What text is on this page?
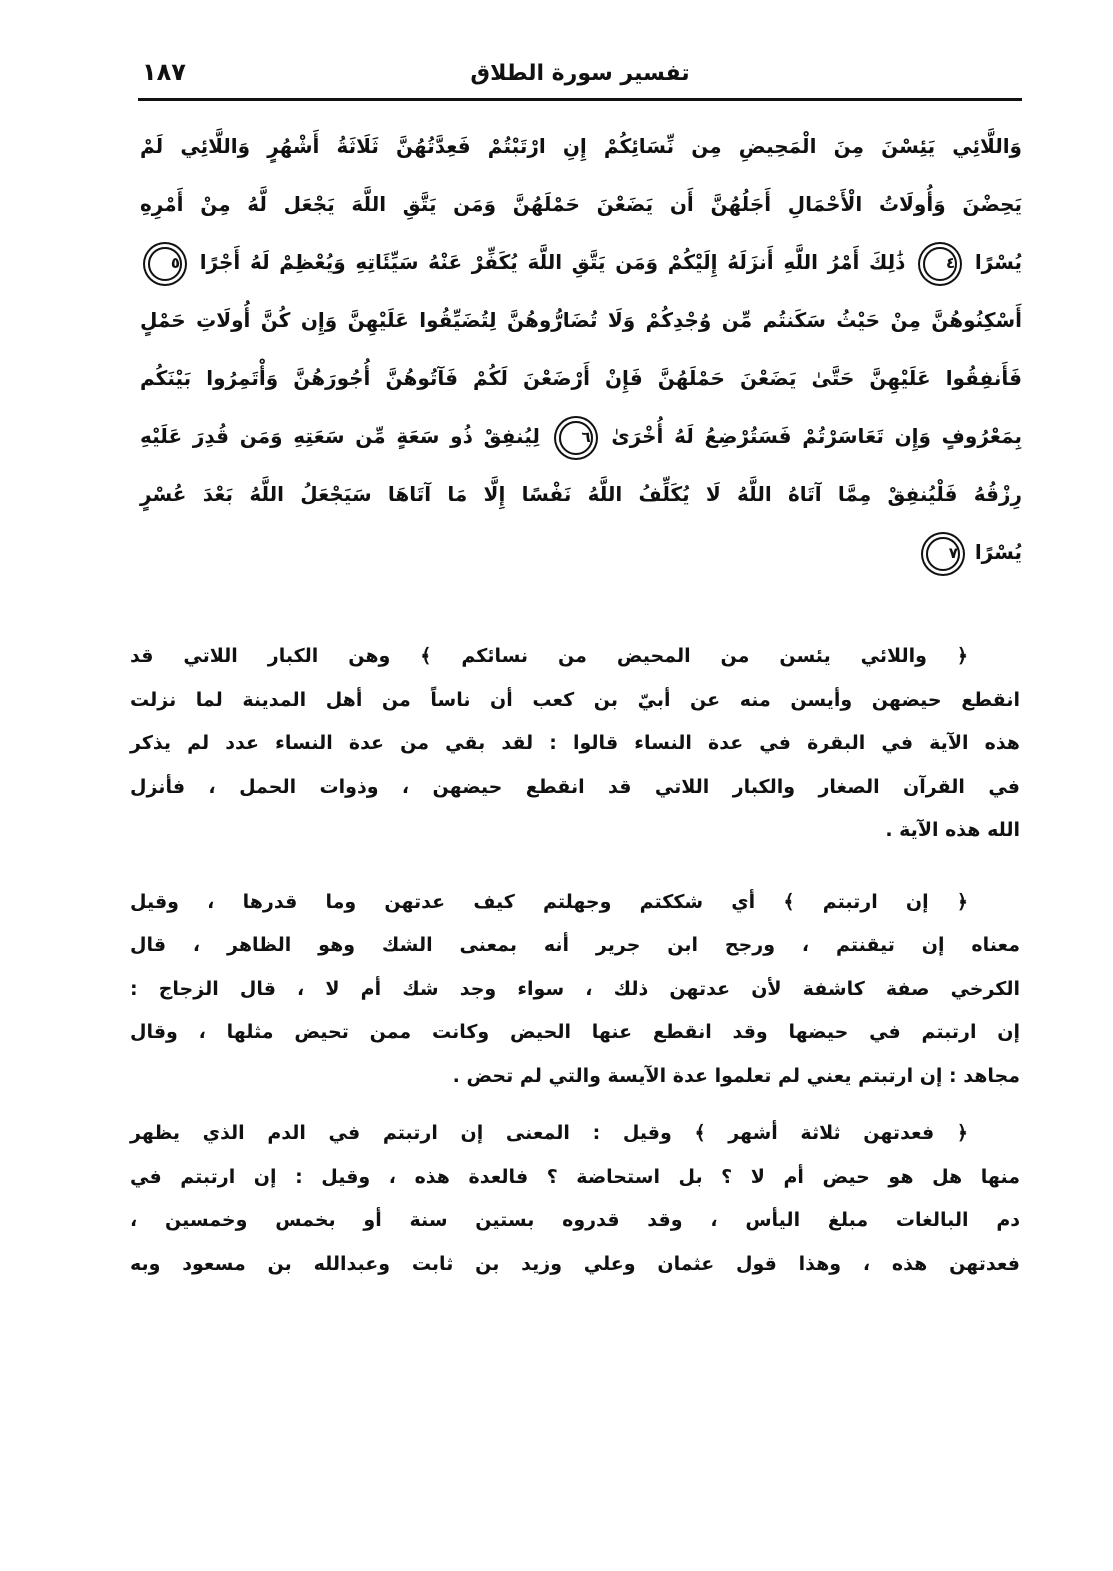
١٨٧	تفسير سورة الطلاق
وَاللَّائِي يَئِسْنَ مِنَ الْمَحِيضِ مِن نِّسَائِكُمْ إِنِ ارْتَبْتُمْ فَعِدَّتُهُنَّ ثَلَاثَةُ أَشْهُرٍ وَاللَّائِي لَمْ
يَحِضْنَ وَأُولَاتُ الْأَحْمَالِ أَجَلُهُنَّ أَن يَضَعْنَ حَمْلَهُنَّ وَمَن يَتَّقِ اللَّهَ يَجْعَل لَّهُ مِنْ أَمْرِهِ
يُسْرًا ٤ ذَٰلِكَ أَمْرُ اللَّهِ أَنزَلَهُ إِلَيْكُمْ وَمَن يَتَّقِ اللَّهَ يُكَفِّرْ عَنْهُ سَيِّئَاتِهِ وَيُعْظِمْ لَهُ أَجْرًا ٥
أَسْكِنُوهُنَّ مِنْ حَيْثُ سَكَنتُم مِّن وُجْدِكُمْ وَلَا تُضَارُّوهُنَّ لِتُضَيِّقُوا عَلَيْهِنَّ وَإِن كُنَّ أُولَاتِ حَمْلٍ
فَأَنفِقُوا عَلَيْهِنَّ حَتَّىٰ يَضَعْنَ حَمْلَهُنَّ فَإِنْ أَرْضَعْنَ لَكُمْ فَآتُوهُنَّ أُجُورَهُنَّ وَأْتَمِرُوا بَيْنَكُم
بِمَعْرُوفٍ وَإِن تَعَاسَرْتُمْ فَسَتُرْضِعُ لَهُ أُخْرَىٰ ٦ لِيُنفِقْ ذُو سَعَةٍ مِّن سَعَتِهِ وَمَن قُدِرَ عَلَيْهِ
رِزْقُهُ فَلْيُنفِقْ مِمَّا آتَاهُ اللَّهُ لَا يُكَلِّفُ اللَّهُ نَفْسًا إِلَّا مَا آتَاهَا سَيَجْعَلُ اللَّهُ بَعْدَ عُسْرٍ
يُسْرًا ٧
﴿ واللائي يئسن من المحيض من نسائكم ﴾ وهن الكبار اللاتي قد
انقطع حيضهن وأيسن منه عن أبيّ بن كعب أن ناساً من أهل المدينة لما نزلت
هذه الآية في البقرة في عدة النساء قالوا : لقد بقي من عدة النساء عدد لم يذكر
في القرآن الصغار والكبار اللاتي قد انقطع حيضهن ، وذوات الحمل ، فأنزل
الله هذه الآية .
﴿ إن ارتبتم ﴾ أي شككتم وجهلتم كيف عدتهن وما قدرها ، وقيل
معناه إن تيقنتم ، ورجح ابن جرير أنه بمعنى الشك وهو الظاهر ، قال
الكرخي صفة كاشفة لأن عدتهن ذلك ، سواء وجد شك أم لا ، قال الزجاج :
إن ارتبتم في حيضها وقد انقطع عنها الحيض وكانت ممن تحيض مثلها ، وقال
مجاهد : إن ارتبتم يعني لم تعلموا عدة الآيسة والتي لم تحض .
﴿ فعدتهن ثلاثة أشهر ﴾ وقيل : المعنى إن ارتبتم في الدم الذي يظهر
منها هل هو حيض أم لا ؟ بل استحاضة ؟ فالعدة هذه ، وقيل : إن ارتبتم في
دم البالغات مبلغ اليأس ، وقد قدروه بستين سنة أو بخمس وخمسين ،
فعدتهن هذه ، وهذا قول عثمان وعلي وزيد بن ثابت وعبدالله بن مسعود وبه
